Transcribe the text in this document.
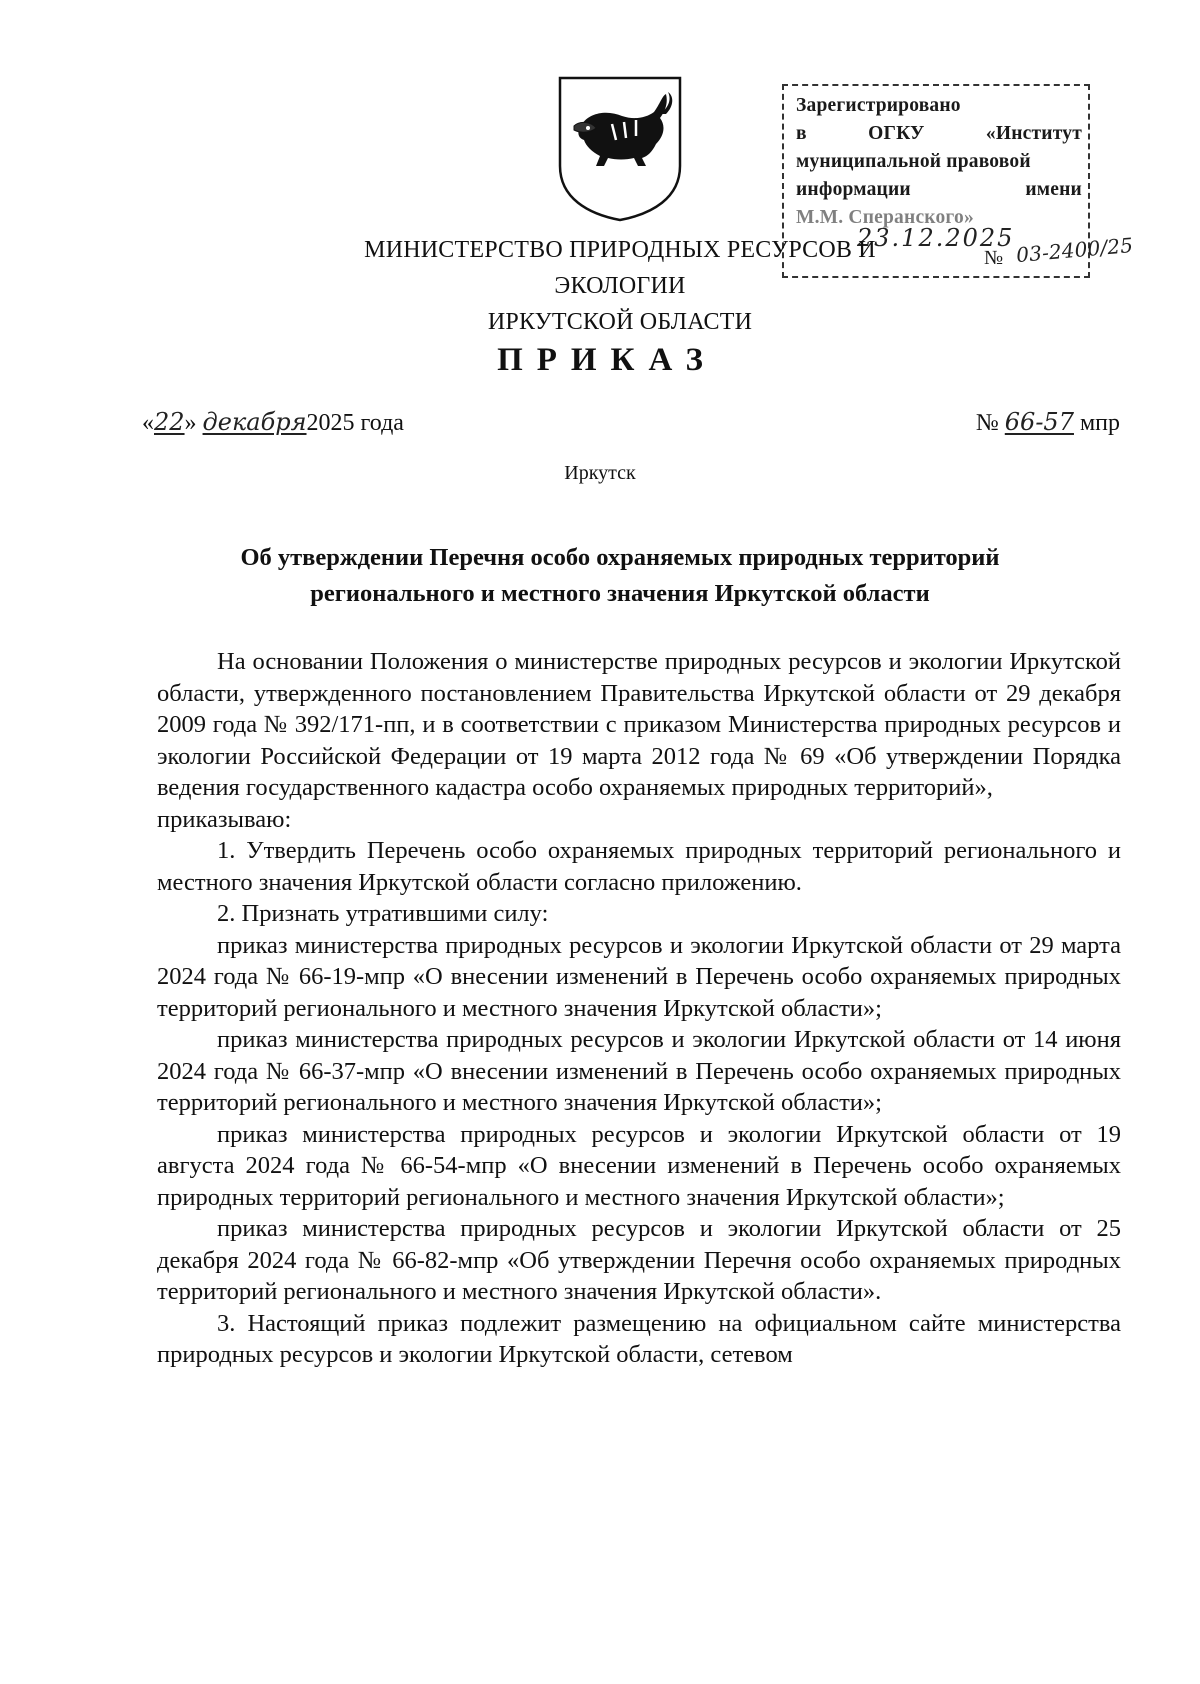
Зарегистрировано
в	ОГКУ	«Институт
муниципальной правовой
информации	имени
М.М. Сперанского»
23.12.2025
№ 03-2400/25
МИНИСТЕРСТВО ПРИРОДНЫХ РЕСУРСОВ И ЭКОЛОГИИ
ИРКУТСКОЙ ОБЛАСТИ
ПРИКАЗ
«22» декабря2025 года	№ 66-57 мпр
Иркутск
Об утверждении Перечня особо охраняемых природных территорий
регионального и местного значения Иркутской области

На основании Положения о министерстве природных ресурсов и экологии Иркутской области, утвержденного постановлением Правительства Иркутской области от 29 декабря 2009 года № 392/171-пп, и в соответствии с приказом Министерства природных ресурсов и экологии Российской Федерации от 19 марта 2012 года № 69 «Об утверждении Порядка ведения государственного кадастра особо охраняемых природных территорий»,

приказываю:

1. Утвердить Перечень особо охраняемых природных территорий регионального и местного значения Иркутской области согласно приложению.

2. Признать утратившими силу:

приказ министерства природных ресурсов и экологии Иркутской области от 29 марта 2024 года № 66-19-мпр «О внесении изменений в Перечень особо охраняемых природных территорий регионального и местного значения Иркутской области»;

приказ министерства природных ресурсов и экологии Иркутской области от 14 июня 2024 года № 66-37-мпр «О внесении изменений в Перечень особо охраняемых природных территорий регионального и местного значения Иркутской области»;

приказ министерства природных ресурсов и экологии Иркутской области от 19 августа 2024 года № 66-54-мпр «О внесении изменений в Перечень особо охраняемых природных территорий регионального и местного значения Иркутской области»;

приказ министерства природных ресурсов и экологии Иркутской области от 25 декабря 2024 года № 66-82-мпр «Об утверждении Перечня особо охраняемых природных территорий регионального и местного значения Иркутской области».

3. Настоящий приказ подлежит размещению на официальном сайте министерства природных ресурсов и экологии Иркутской области, сетевом
